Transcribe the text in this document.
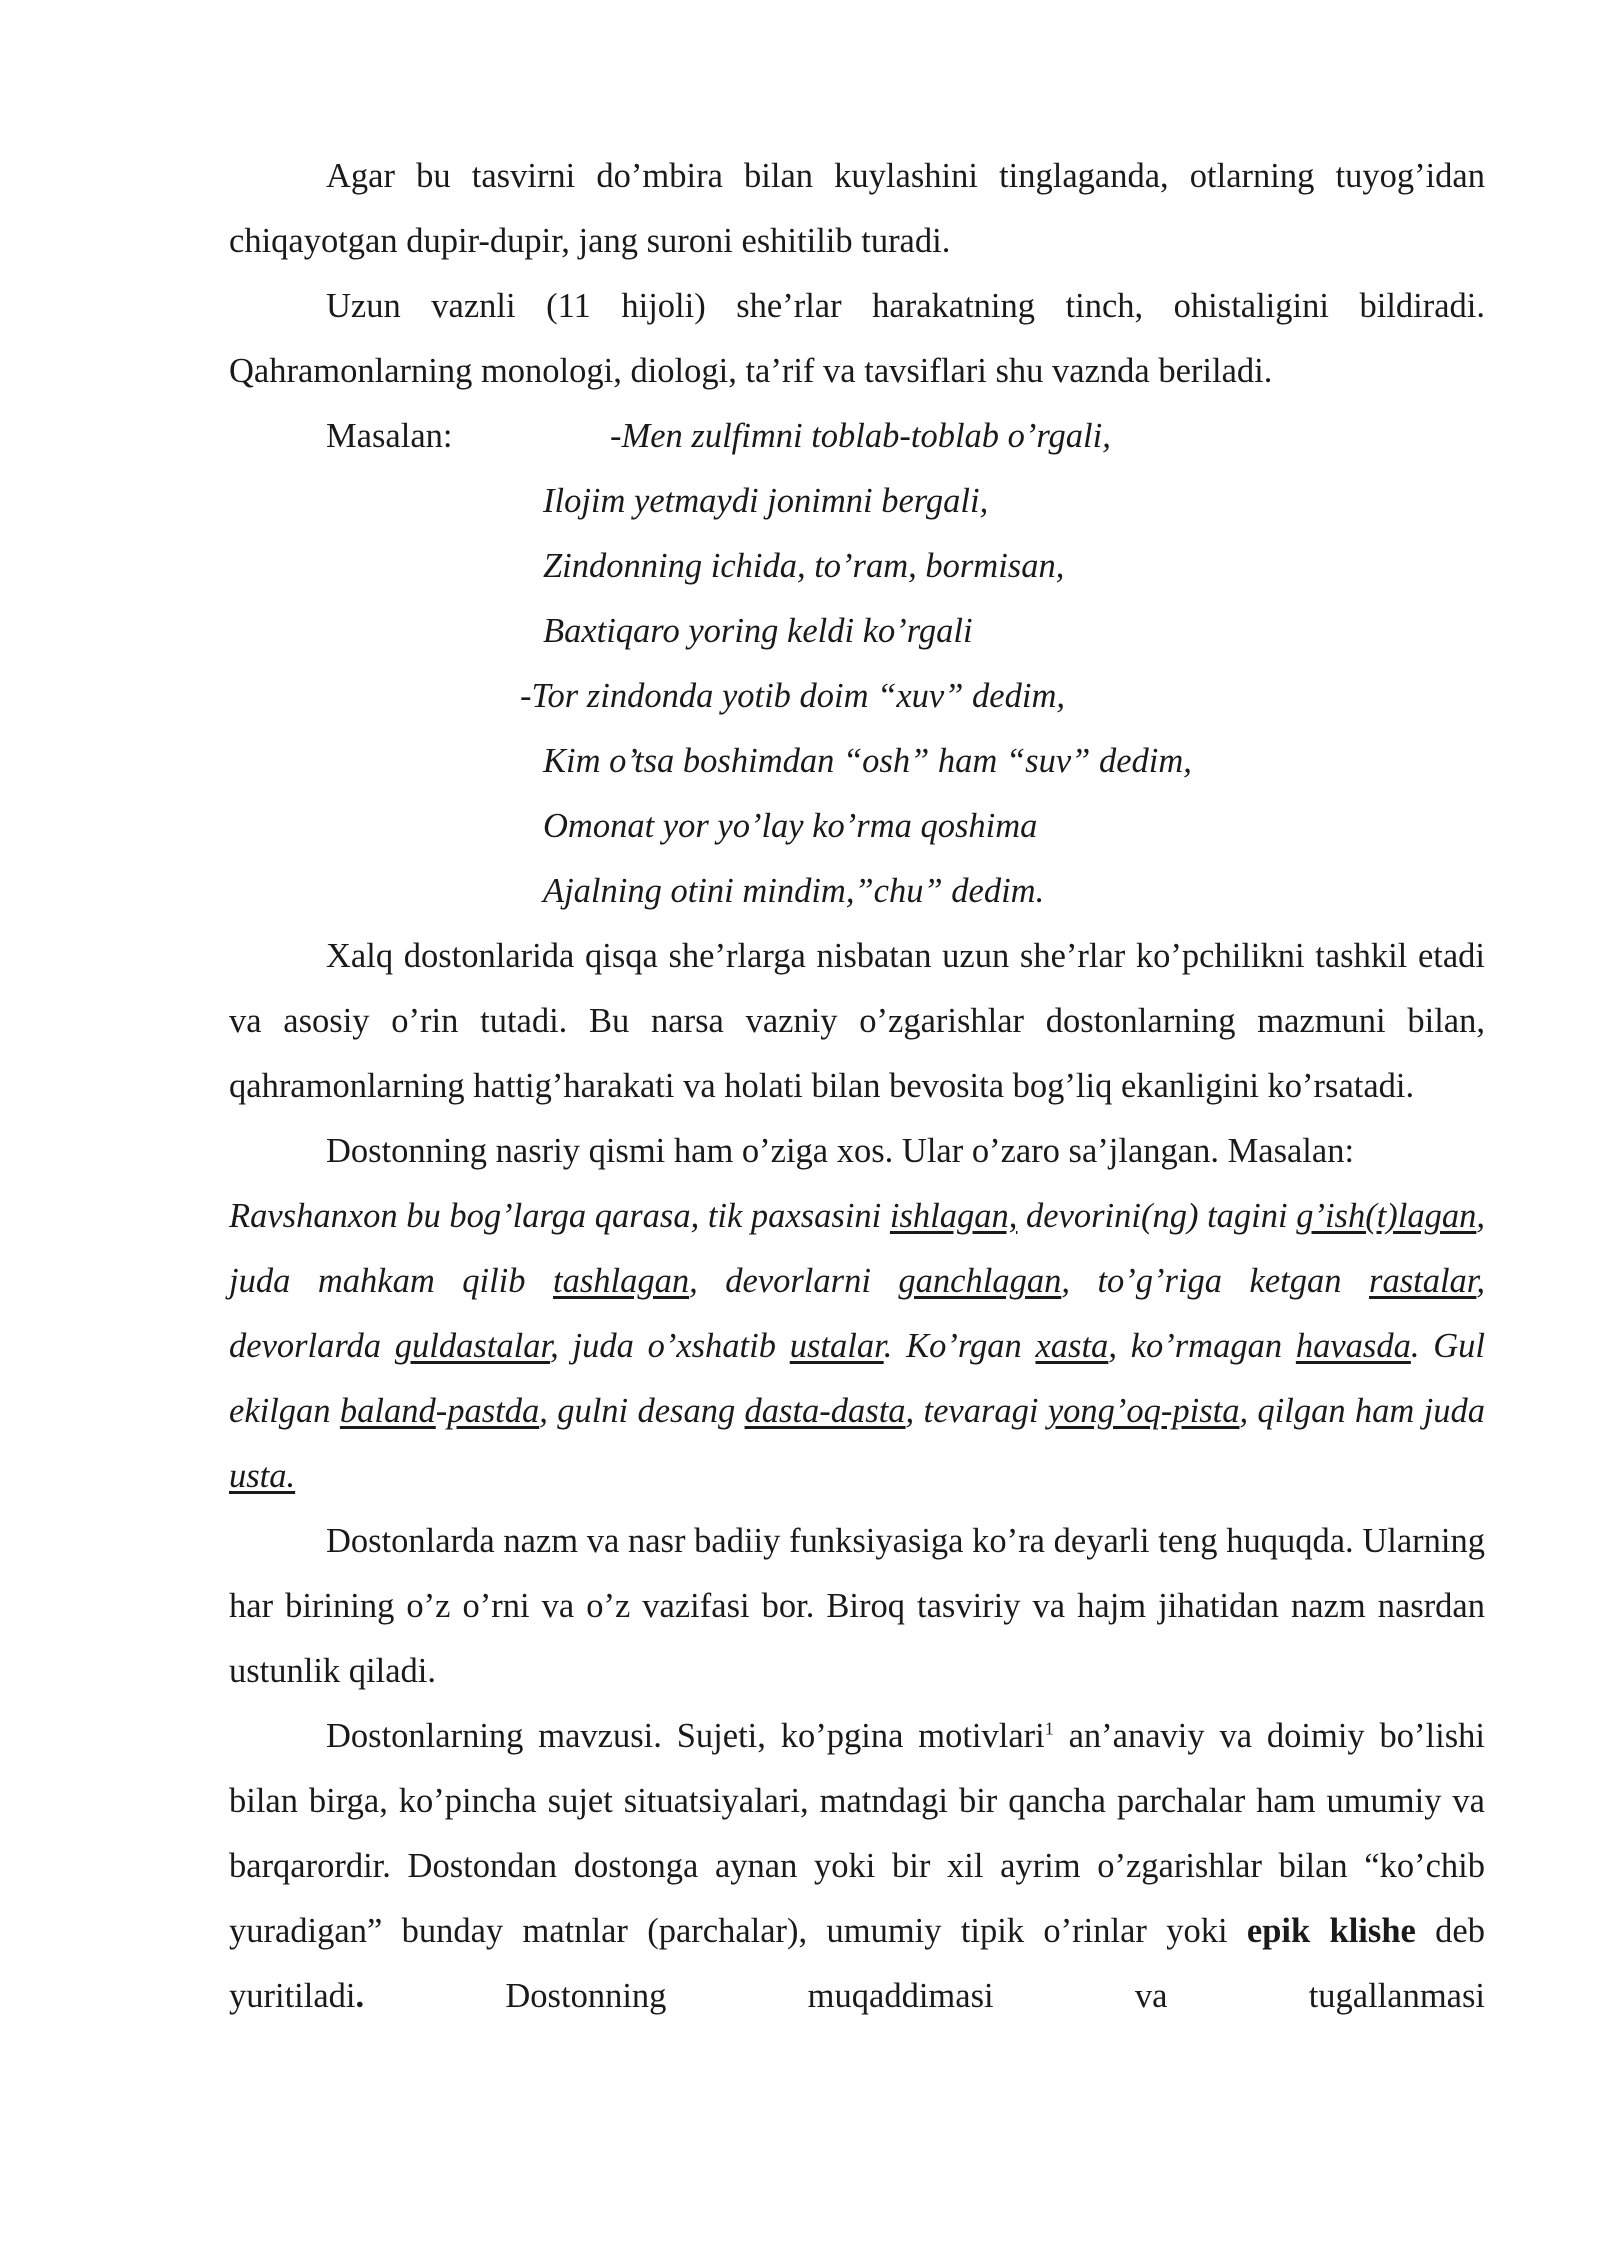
Agar bu tasvirni do’mbira bilan kuylashini tinglaganda, otlarning tuyog’idan chiqayotgan dupir-dupir, jang suroni eshitilib turadi.

Uzun vaznli (11 hijoli) she’rlar harakatning tinch, ohistaligini bildiradi. Qahramonlarning monologi, diologi, ta’rif va tavsiflari shu vaznda beriladi.

Masalan:	-Men zulfimni toblab-toblab o’rgali,
Ilojim yetmaydi jonimni bergali,
Zindonning ichida, to’ram, bormisan,
Baxtiqaro yoring keldi ko’rgali
-Tor zindonda yotib doim “xuv” dedim,
Kim o’tsa boshimdan “osh” ham “suv” dedim,
Omonat yor yo’lay ko’rma qoshima
Ajalning otini mindim,”chu” dedim.

Xalq dostonlarida qisqa she’rlarga nisbatan uzun she’rlar ko’pchilikni tashkil etadi va asosiy o’rin tutadi. Bu narsa vazniy o’zgarishlar dostonlarning mazmuni bilan, qahramonlarning hattig’harakati va holati bilan bevosita bog’liq ekanligini ko’rsatadi.

Dostonning nasriy qismi ham o’ziga xos. Ular o’zaro sa’jlangan. Masalan:

Ravshanxon bu bog’larga qarasa, tik paxsasini ishlagan, devorini(ng) tagini g’ish(t)lagan, juda mahkam qilib tashlagan, devorlarni ganchlagan, to’g’riga ketgan rastalar, devorlarda guldastalar, juda o’xshatib ustalar. Ko’rgan xasta, ko’rmagan havasda. Gul ekilgan baland-pastda, gulni desang dasta-dasta, tevaragi yong’oq-pista, qilgan ham juda usta.

Dostonlarda nazm va nasr badiiy funksiyasiga ko’ra deyarli teng huquqda. Ularning har birining o’z o’rni va o’z vazifasi bor. Biroq tasviriy va hajm jihatidan nazm nasrdan ustunlik qiladi.

Dostonlarning mavzusi. Sujeti, ko’pgina motivlari$^1$ an’anaviy va doimiy bo’lishi bilan birga, ko’pincha sujet situatsiyalari, matndagi bir qancha parchalar ham umumiy va barqarordir. Dostondan dostonga aynan yoki bir xil ayrim o’zgarishlar bilan “ko’chib yuradigan” bunday matnlar (parchalar), umumiy tipik o’rinlar yoki epik klishe deb yuritiladi. Dostonning muqaddimasi va tugallanmasi
